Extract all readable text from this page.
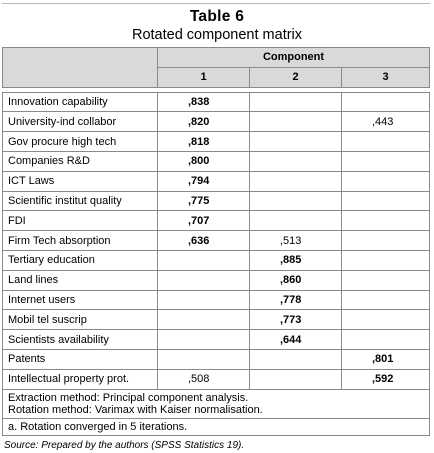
Table 6
Rotated component matrix
	Component		
	1	2	3

Innovation capability	,838		
University-ind collabor	,820		,443
Gov procure high tech	,818		
Companies R&D	,800		
ICT Laws	,794		
Scientific institut quality	,775		
FDI	,707		
Firm Tech absorption	,636	,513	
Tertiary education		,885	
Land lines		,860	
Internet users		,778	
Mobil tel suscrip		,773	
Scientists availability		,644	
Patents			,801
Intellectual property prot.	,508		,592

Extraction method: Principal component analysis.
Rotation method: Varimax with Kaiser normalisation.			

a. Rotation converged in 5 iterations.			
Source: Prepared by the authors (SPSS Statistics 19).
